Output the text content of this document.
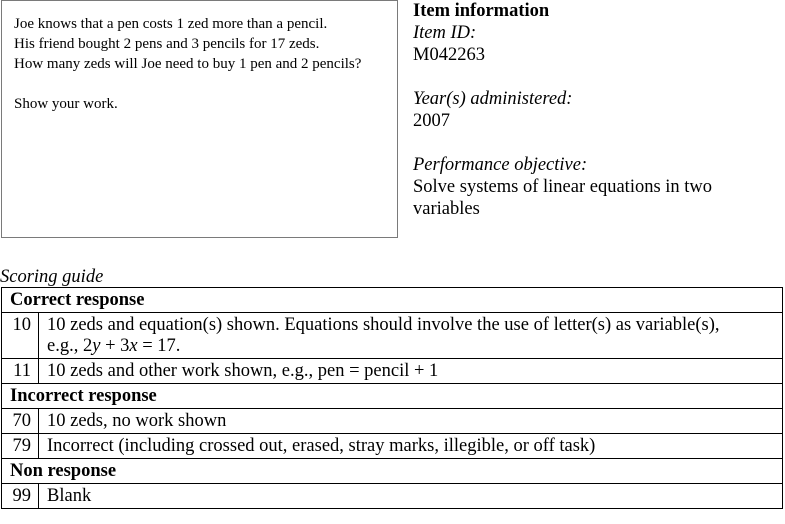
Joe knows that a pen costs 1 zed more than a pencil.
His friend bought 2 pens and 3 pencils for 17 zeds.
How many zeds will Joe need to buy 1 pen and 2 pencils?
Show your work.
Item information
Item ID:
M042263
Year(s) administered:
2007
Performance objective:
Solve systems of linear equations in two
variables
Scoring guide
Correct response	
10	10 zeds and equation(s) shown. Equations should involve the use of letter(s) as variable(s),
e.g., 2y + 3x = 17.
11	10 zeds and other work shown, e.g., pen = pencil + 1
Incorrect response	
70	10 zeds, no work shown
79	Incorrect (including crossed out, erased, stray marks, illegible, or off task)
Non response	
99	Blank
